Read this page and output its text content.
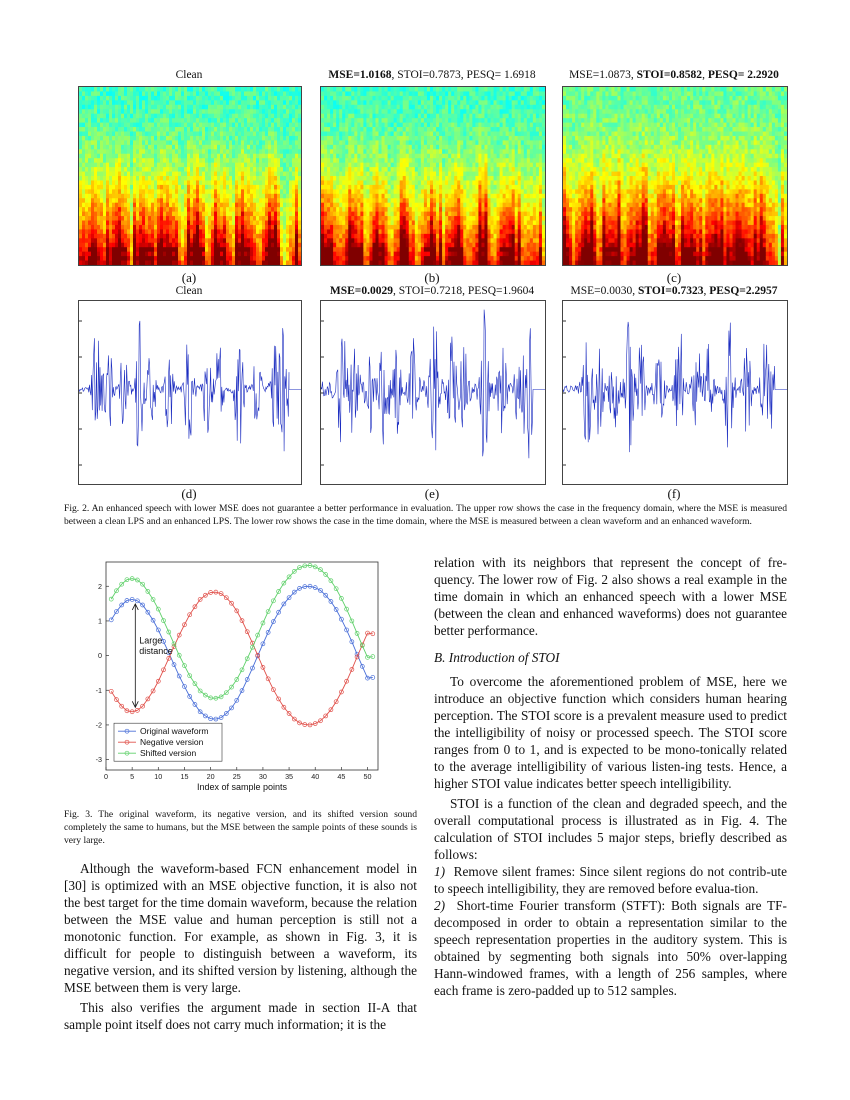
Clean	MSE=1.0168, STOI=0.7873, PESQ= 1.6918	MSE=1.0873, STOI=0.8582, PESQ= 2.2920
(a)	(b)	(c)
Clean	MSE=0.0029, STOI=0.7218, PESQ=1.9604	MSE=0.0030, STOI=0.7323, PESQ=2.2957
(d)	(e)	(f)
Fig. 2. An enhanced speech with lower MSE does not guarantee a better performance in evaluation. The upper row shows the case in the frequency domain, where the MSE is measured between a clean LPS and an enhanced LPS. The lower row shows the case in the time domain, where the MSE is measured between a clean waveform and an enhanced waveform.
0	5	10	15	20	25	30	35	40	45	50
-3
-2
-1
0
1
2
Index of sample points
Large
distance
Original waveform
Negative version
Shifted version
Fig. 3. The original waveform, its negative version, and its shifted version sound completely the same to humans, but the MSE between the sample points of these sounds is very large.

Although the waveform-based FCN enhancement model in [30] is optimized with an MSE objective function, it is also not the best target for the time domain waveform, because the relation between the MSE value and human perception is still not a monotonic function. For example, as shown in Fig. 3, it is difficult for people to distinguish between a waveform, its negative version, and its shifted version by listening, although the MSE between them is very large.

This also verifies the argument made in section II-A that sample point itself does not carry much information; it is the

relation with its neighbors that represent the concept of fre-quency. The lower row of Fig. 2 also shows a real example in the time domain in which an enhanced speech with a lower MSE (between the clean and enhanced waveforms) does not guarantee better performance.

B. Introduction of STOI

To overcome the aforementioned problem of MSE, here we introduce an objective function which considers human hearing perception. The STOI score is a prevalent measure used to predict the intelligibility of noisy or processed speech. The STOI score ranges from 0 to 1, and is expected to be mono-tonically related to the average intelligibility of various listen-ing tests. Hence, a higher STOI value indicates better speech intelligibility.

STOI is a function of the clean and degraded speech, and the overall computational process is illustrated as in Fig. 4. The calculation of STOI includes 5 major steps, briefly described as follows:

1) Remove silent frames: Since silent regions do not contrib-ute to speech intelligibility, they are removed before evalua-tion.

2) Short-time Fourier transform (STFT): Both signals are TF-decomposed in order to obtain a representation similar to the speech representation properties in the auditory system. This is obtained by segmenting both signals into 50% over-lapping Hann-windowed frames, with a length of 256 samples, where each frame is zero-padded up to 512 samples.
